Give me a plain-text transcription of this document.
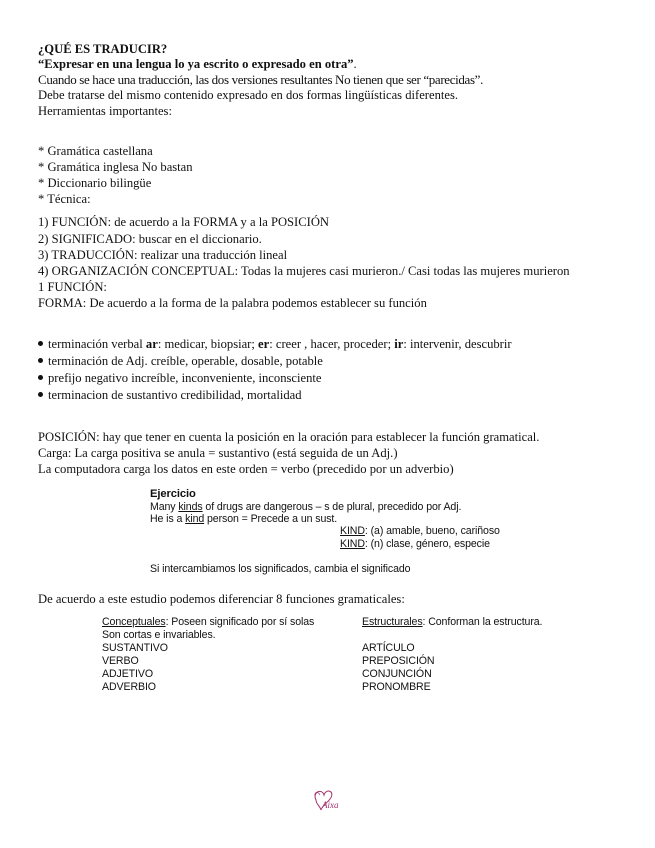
¿QUÉ ES TRADUCIR?
“Expresar en una lengua lo ya escrito o expresado en otra”.
Cuando se hace una traducción, las dos versiones resultantes No tienen que ser “parecidas”.
Debe tratarse del mismo contenido expresado en dos formas lingüísticas diferentes.
Herramientas importantes:
* Gramática castellana
* Gramática inglesa No bastan
* Diccionario bilingüe
* Técnica:
1) FUNCIÓN: de acuerdo a la FORMA y a la POSICIÓN
2) SIGNIFICADO: buscar en el diccionario.
3) TRADUCCIÓN: realizar una traducción lineal
4) ORGANIZACIÓN CONCEPTUAL: Todas la mujeres casi murieron./ Casi todas las mujeres murieron
1 FUNCIÓN:
FORMA: De acuerdo a la forma de la palabra podemos establecer su función
terminación verbal ar: medicar, biopsiar; er: creer , hacer, proceder; ir: intervenir, descubrir
terminación de Adj. creíble, operable, dosable, potable
prefijo negativo increíble, inconveniente, inconsciente
terminacion de sustantivo credibilidad, mortalidad
POSICIÓN: hay que tener en cuenta la posición en la oración para establecer la función gramatical.
Carga: La carga positiva se anula = sustantivo (está seguida de un Adj.)
La computadora carga los datos en este orden = verbo (precedido por un adverbio)
Ejercicio
Many kinds of drugs are dangerous – s de plural, precedido por Adj.
He is a kind person = Precede a un sust.
KIND: (a) amable, bueno, cariñoso
KIND: (n) clase, género, especie
Si intercambiamos los significados, cambia el significado
De acuerdo a este estudio podemos diferenciar 8 funciones gramaticales:
Conceptuales: Poseen significado por sí solas
Son cortas e invariables.
SUSTANTIVO
VERBO
ADJETIVO
ADVERBIO
Estructurales: Conforman la estructura.
ARTÍCULO
PREPOSICIÓN
CONJUNCIÓN
PRONOMBRE
Aixa
